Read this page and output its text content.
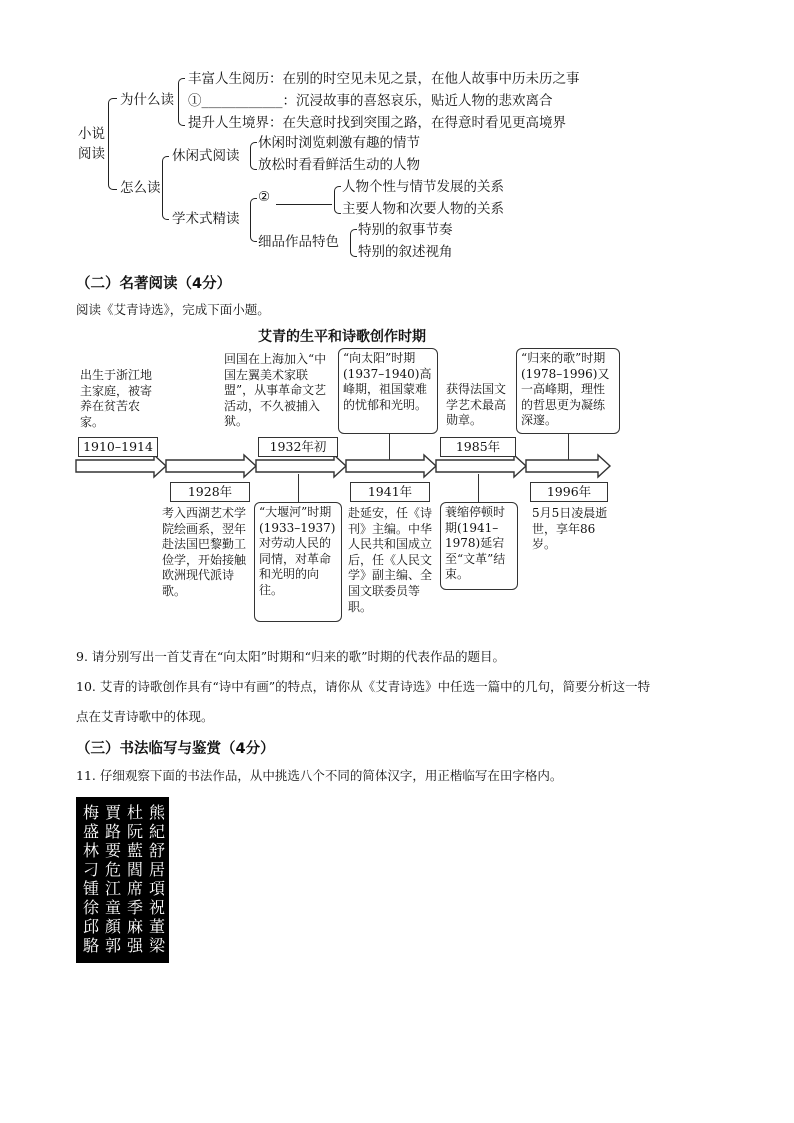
小说阅读
为什么读
丰富人生阅历：在别的时空见未见之景，在他人故事中历未历之事
①____________：沉浸故事的喜怒哀乐，贴近人物的悲欢离合
提升人生境界：在失意时找到突围之路，在得意时看见更高境界
怎么读
休闲式阅读
休闲时浏览刺激有趣的情节
放松时看看鲜活生动的人物
学术式精读
②
人物个性与情节发展的关系
主要人物和次要人物的关系
细品作品特色
特别的叙事节奏
特别的叙述视角
（二）名著阅读（4分）
阅读《艾青诗选》，完成下面小题。
艾青的生平和诗歌创作时期
出生于浙江地主家庭，被寄养在贫苦农家。
1910–1914
回国在上海加入“中国左翼美术家联盟”，从事革命文艺活动，不久被捕入狱。
1932年初
“向太阳”时期(1937–1940)高峰期，祖国蒙难的忧郁和光明。
获得法国文学艺术最高勋章。
1985年
“归来的歌”时期(1978–1996)又一高峰期，理性的哲思更为凝练深邃。
1928年
考入西湖艺术学院绘画系，翌年赴法国巴黎勤工俭学，开始接触欧洲现代派诗歌。
“大堰河”时期(1933–1937)对劳动人民的同情，对革命和光明的向往。
1941年
赴延安，任《诗刊》主编。中华人民共和国成立后，任《人民文学》副主编、全国文联委员等职。
蓑缩停顿时期(1941–1978)延宕至“文革”结束。
1996年
5月5日凌晨逝世，享年86岁。
9. 请分别写出一首艾青在“向太阳”时期和“归来的歌”时期的代表作品的题目。
10. 艾青的诗歌创作具有“诗中有画”的特点，请你从《艾青诗选》中任选一篇中的几句，简要分析这一特
点在艾青诗歌中的体现。
（三）书法临写与鉴赏（4分）
11. 仔细观察下面的书法作品，从中挑选八个不同的简体汉字，用正楷临写在田字格内。
梅盛林刁锺徐邱駱
賈路要危江童顏郭
杜阮藍閻席季麻强
熊紀舒居項祝董梁
